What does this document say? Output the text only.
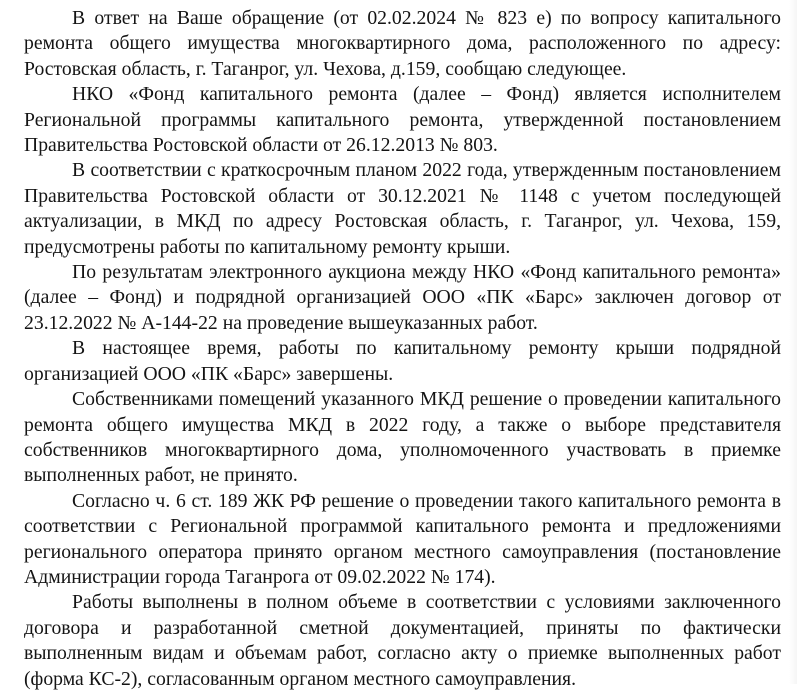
В ответ на Ваше обращение (от 02.02.2024 № 823 е) по вопросу капитального ремонта общего имущества многоквартирного дома, расположенного по адресу: Ростовская область, г. Таганрог, ул. Чехова, д.159, сообщаю следующее.

НКО «Фонд капитального ремонта (далее – Фонд) является исполнителем Региональной программы капитального ремонта, утвержденной постановлением Правительства Ростовской области от 26.12.2013 № 803.

В соответствии с краткосрочным планом 2022 года, утвержденным постановлением Правительства Ростовской области от 30.12.2021 № 1148 с учетом последующей актуализации, в МКД по адресу Ростовская область, г. Таганрог, ул. Чехова, 159, предусмотрены работы по капитальному ремонту крыши.

По результатам электронного аукциона между НКО «Фонд капитального ремонта» (далее – Фонд) и подрядной организацией ООО «ПК «Барс» заключен договор от 23.12.2022 № А-144-22 на проведение вышеуказанных работ.

В настоящее время, работы по капитальному ремонту крыши подрядной организацией ООО «ПК «Барс» завершены.

Собственниками помещений указанного МКД решение о проведении капитального ремонта общего имущества МКД в 2022 году, а также о выборе представителя собственников многоквартирного дома, уполномоченного участвовать в приемке выполненных работ, не принято.

Согласно ч. 6 ст. 189 ЖК РФ решение о проведении такого капитального ремонта в соответствии с Региональной программой капитального ремонта и предложениями регионального оператора принято органом местного самоуправления (постановление Администрации города Таганрога от 09.02.2022 № 174).

Работы выполнены в полном объеме в соответствии с условиями заключенного договора и разработанной сметной документацией, приняты по фактически выполненным видам и объемам работ, согласно акту о приемке выполненных работ (форма КС-2), согласованным органом местного самоуправления.
